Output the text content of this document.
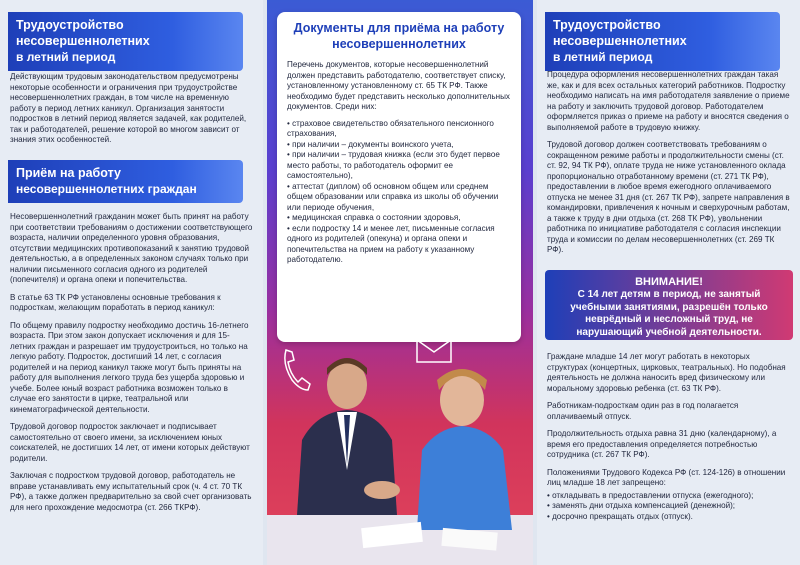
Трудоустройство несовершеннолетних
в летний период

Действующим трудовым законодательством предусмотрены некоторые особенности и ограничения при трудоустройстве несовершеннолетних граждан, в том числе на временную работу в период летних каникул. Организация занятости подростков в летний период является задачей, как родителей, так и работодателей, решение которой во многом зависит от знания этих особенностей.

Приём на работу
несовершеннолетних граждан

Несовершеннолетний гражданин может быть принят на работу при соответствии требованиям о достижении соответствующего возраста, наличии определенного уровня образования, отсутствии медицинских противопоказаний к занятию трудовой деятельностью, а в определенных законом случаях только при наличии письменного согласия одного из родителей (попечителя) и органа опеки и попечительства.

В статье 63 ТК РФ установлены основные требования к подросткам, желающим поработать в период каникул:

По общему правилу подростку необходимо достичь 16-летнего возраста. При этом закон допускает исключения и для 15-летних граждан и разрешает им трудоустроиться, но только на легкую работу. Подросток, достигший 14 лет, с согласия родителей и на период каникул также могут быть приняты на работу для выполнения легкого труда без ущерба здоровью и учебе. Более юный возраст работника возможен только в случае его занятости в цирке, театральной или кинематографической деятельности.

Трудовой договор подросток заключает и подписывает самостоятельно от своего имени, за исключением юных соискателей, не достигших 14 лет, от имени которых действуют родители.

Заключая с подростком трудовой договор, работодатель не вправе устанавливать ему испытательный срок (ч. 4 ст. 70 ТК РФ), а также должен предварительно за свой счет организовать для него прохождение медосмотра (ст. 266 ТКРФ).

Документы для приёма на работу несовершеннолетних
Перечень документов, которые несовершеннолетний должен представить работодателю, соответствует списку, установленному установленному ст. 65 ТК РФ. Также необходимо будет представить несколько дополнительных документов. Среди них:
• страховое свидетельство обязательного пенсионного страхования,
• при наличии – документы воинского учета,
• при наличии – трудовая книжка (если это будет первое место работы, то работодатель оформит ее самостоятельно),
• аттестат (диплом) об основном общем или среднем общем образовании или справка из школы об обучении или периоде обучения,
• медицинская справка о состоянии здоровья,
• если подростку 14 и менее лет, письменные согласия одного из родителей (опекуна) и органа опеки и попечительства на прием на работу к указанному работодателю.
Трудоустройство несовершеннолетних
в летний период

Процедура оформления несовершеннолетних граждан такая же, как и для всех остальных категорий работников. Подростку необходимо написать на имя работодателя заявление о приеме на работу и заключить трудовой договор. Работодателем оформляется приказ о приеме на работу и вносятся сведения о выполняемой работе в трудовую книжку.

Трудовой договор должен соответствовать требованиям о сокращенном режиме работы и продолжительности смены (ст. ст. 92, 94 ТК РФ), оплате труда не ниже установленного оклада пропорционально отработанному времени (ст. 271 ТК РФ), предоставлении в любое время ежегодного оплачиваемого отпуска не менее 31 дня (ст. 267 ТК РФ), запрете направления в командировки, привлечения к ночным и сверхурочным работам, а также к труду в дни отдыха (ст. 268 ТК РФ), увольнении работника по инициативе работодателя с согласия инспекции труда и комиссии по делам несовершеннолетних (ст. 269 ТК РФ).

ВНИМАНИЕ!
С 14 лет детям в период, не занятый учебными занятиями, разрешён только неврёдный и несложный труд, не нарушающий учебной деятельности.

Граждане младше 14 лет могут работать в некоторых структурах (концертных, цирковых, театральных). Но подобная деятельность не должна наносить вред физическому или моральному здоровью ребенка (ст. 63 ТК РФ).

Работникам-подросткам один раз в год полагается оплачиваемый отпуск.

Продолжительность отдыха равна 31 дню (календарному), а время его предоставления определяется потребностью сотрудника (ст. 267 ТК РФ).

Положениями Трудового Кодекса РФ (ст. 124-126) в отношении лиц младше 18 лет запрещено:

• откладывать в предоставлении отпуска (ежегодного);
• заменять дни отдыха компенсацией (денежной);
• досрочно прекращать отдых (отпуск).
